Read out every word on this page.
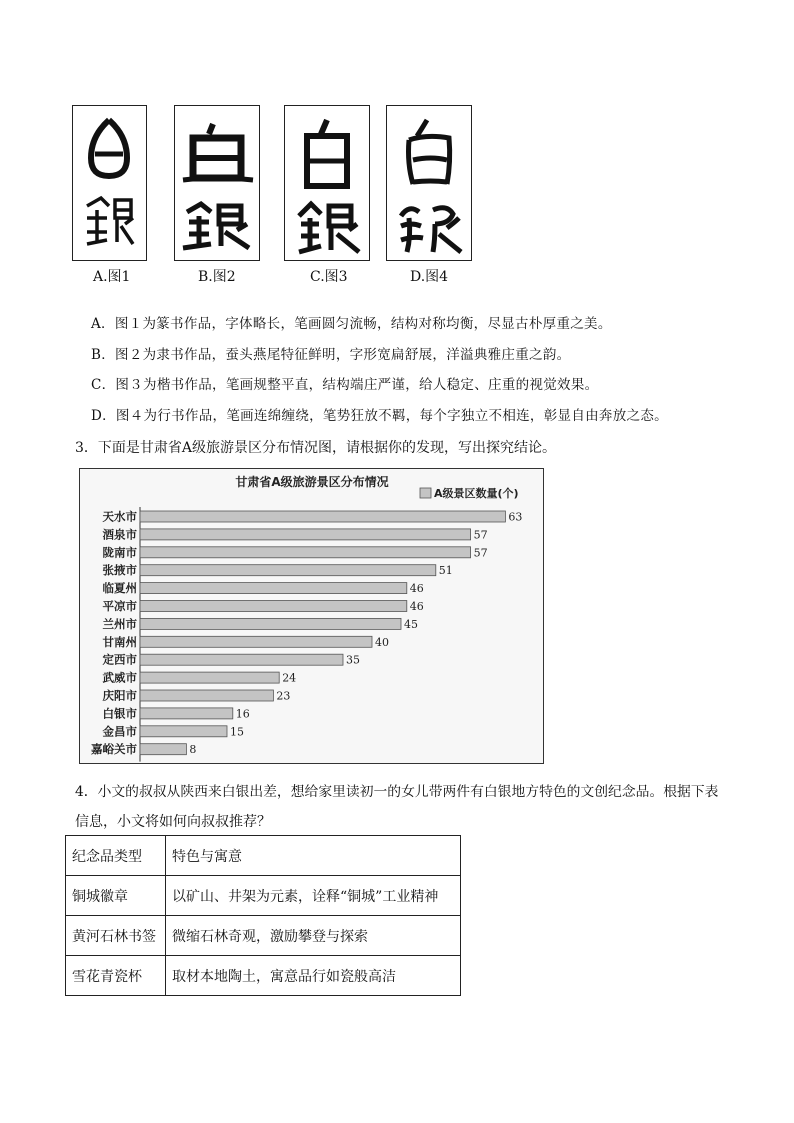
A.图1	B.图2	C.图3	D.图4
A．图１为篆书作品，字体略长，笔画圆匀流畅，结构对称均衡，尽显古朴厚重之美。
B．图２为隶书作品，蚕头燕尾特征鲜明，字形宽扁舒展，洋溢典雅庄重之韵。
C．图３为楷书作品，笔画规整平直，结构端庄严谨，给人稳定、庄重的视觉效果。
D．图４为行书作品，笔画连绵缠绕，笔势狂放不羁，每个字独立不相连，彰显自由奔放之态。
3．下面是甘肃省A级旅游景区分布情况图，请根据你的发现，写出探究结论。
甘肃省A级旅游景区分布情况
A级景区数量(个)
天水市	63
酒泉市	57
陇南市	57
张掖市	51
临夏州	46
平凉市	46
兰州市	45
甘南州	40
定西市	35
武威市	24
庆阳市	23
白银市	16
金昌市	15
嘉峪关市	8
4．小文的叔叔从陕西来白银出差，想给家里读初一的女儿带两件有白银地方特色的文创纪念品。根据下表
信息，小文将如何向叔叔推荐？
纪念品类型	特色与寓意
铜城徽章	以矿山、井架为元素，诠释“铜城”工业精神
黄河石林书签	微缩石林奇观，激励攀登与探索
雪花青瓷杯	取材本地陶土，寓意品行如瓷般高洁
